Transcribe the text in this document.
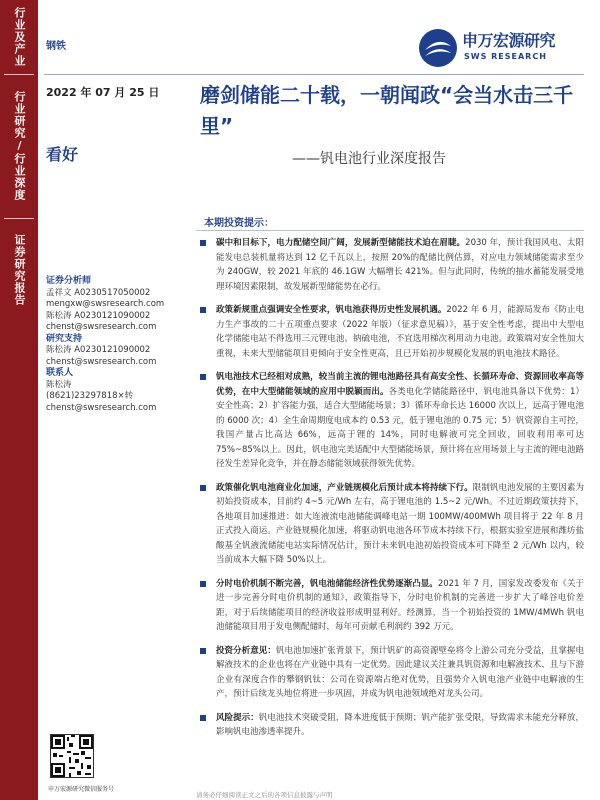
行业及产业
行业研究/行业深度
证券研究报告
钢铁	申万宏源研究
SWS RESEARCH
2022 年 07 月 25 日
看好
磨剑储能二十载，一朝闻政“会当水击三千里”
——钒电池行业深度报告
证券分析师
孟祥文 A0230517050002
mengxw@swsresearch.com
陈松涛 A0230121090002
chenst@swsresearch.com
研究支持
陈松涛 A0230121090002
chenst@swsresearch.com
联系人
陈松涛
(8621)23297818×转
chenst@swsresearch.com
申万宏源研究微信服务号
本期投资提示：
碳中和目标下，电力配储空间广阔，发展新型储能技术迫在眉睫。2030 年，预计我国风电、太阳能发电总装机量将达到 12 亿千瓦以上，按照 20%的配储比例估算，对应电力领域储能需求至少为 240GW，较 2021 年底的 46.1GW 大幅增长 421%。但与此同时，传统的抽水蓄能发展受地理环境因素限制，故发展新型储能势在必行。
政策新规重点强调安全性要求，钒电池获得历史性发展机遇。2022 年 6 月，能源局发布《防止电力生产事故的二十五项重点要求（2022 年版）（征求意见稿）》，基于安全性考虑，提出中大型电化学储能电站不得选用三元锂电池、钠硫电池，不宜选用梯次利用动力电池。政策端对安全性加大重视，未来大型储能项目更倾向于安全性更高，且已开始初步规模化发展的钒电池技术路径。
钒电池技术已经相对成熟，较当前主流的锂电池路径具有高安全性、长循环寿命、资源回收率高等优势，在中大型储能领域的应用中脱颖而出。各类电化学储能路径中，钒电池具备以下优势：1）安全性高；2）扩容能力强，适合大型储能场景；3）循环寿命长达 16000 次以上，远高于锂电池的 6000 次；4）全生命周期度电成本约 0.53 元，低于锂电池的 0.75 元；5）钒资源自主可控，我国产量占比高达 66%，远高于锂的 14%，同时电解液可完全回收，回收利用率可达 75%~85%以上。因此，钒电池完美适配中大型储能场景，预计将在应用场景上与主流的锂电池路径发生差异化竞争，并在静态储能领域获得领先优势。
政策催化钒电池商业化加速，产业链规模化后预计成本将持续下行。限制钒电池发展的主要因素为初始投资成本，目前约 4~5 元/Wh 左右，高于锂电池的 1.5~2 元/Wh。不过近期政策扶持下，各地项目加速推进：如大连液流电池储能调峰电站一期 100MW/400MWh 项目将于 22 年 8 月正式投入商运。产业链规模化加速，将驱动钒电池各环节成本持续下行，根据实验室进展和潍坊盐酸基全钒液流储能电站实际情况估计，预计未来钒电池初始投资成本可下降至 2 元/Wh 以内，较当前成本大幅下降 50%以上。
分时电价机制不断完善，钒电池储能经济性优势逐渐凸显。2021 年 7 月，国家发改委发布《关于进一步完善分时电价机制的通知》，政策指导下，分时电价机制的完善进一步扩大了峰谷电价差距，对于后续储能项目的经济收益形成明显利好。经测算，当一个初始投资的 1MW/4MWh 钒电池储能项目用于发电侧配储时，每年可贡献毛利润约 392 万元。
投资分析意见：钒电池加速扩张背景下，预计钒矿的高资源壁垒将令上游公司充分受益，且掌握电解液技术的企业也将在产业链中具有一定优势。因此建议关注兼具钒资源和电解液技术、且与下游企业有深度合作的攀钢钒钛：公司在资源端占绝对优势，且强势介入钒电池产业链中电解液的生产，预计后续龙头地位将进一步巩固，并成为钒电池领域绝对龙头公司。
风险提示：钒电池技术突破受阻，降本进度低于预期；钒产能扩张受限，导致需求未能充分释放，影响钒电池渗透率提升。
请务必仔细阅读正文之后的各项信息披露与声明
